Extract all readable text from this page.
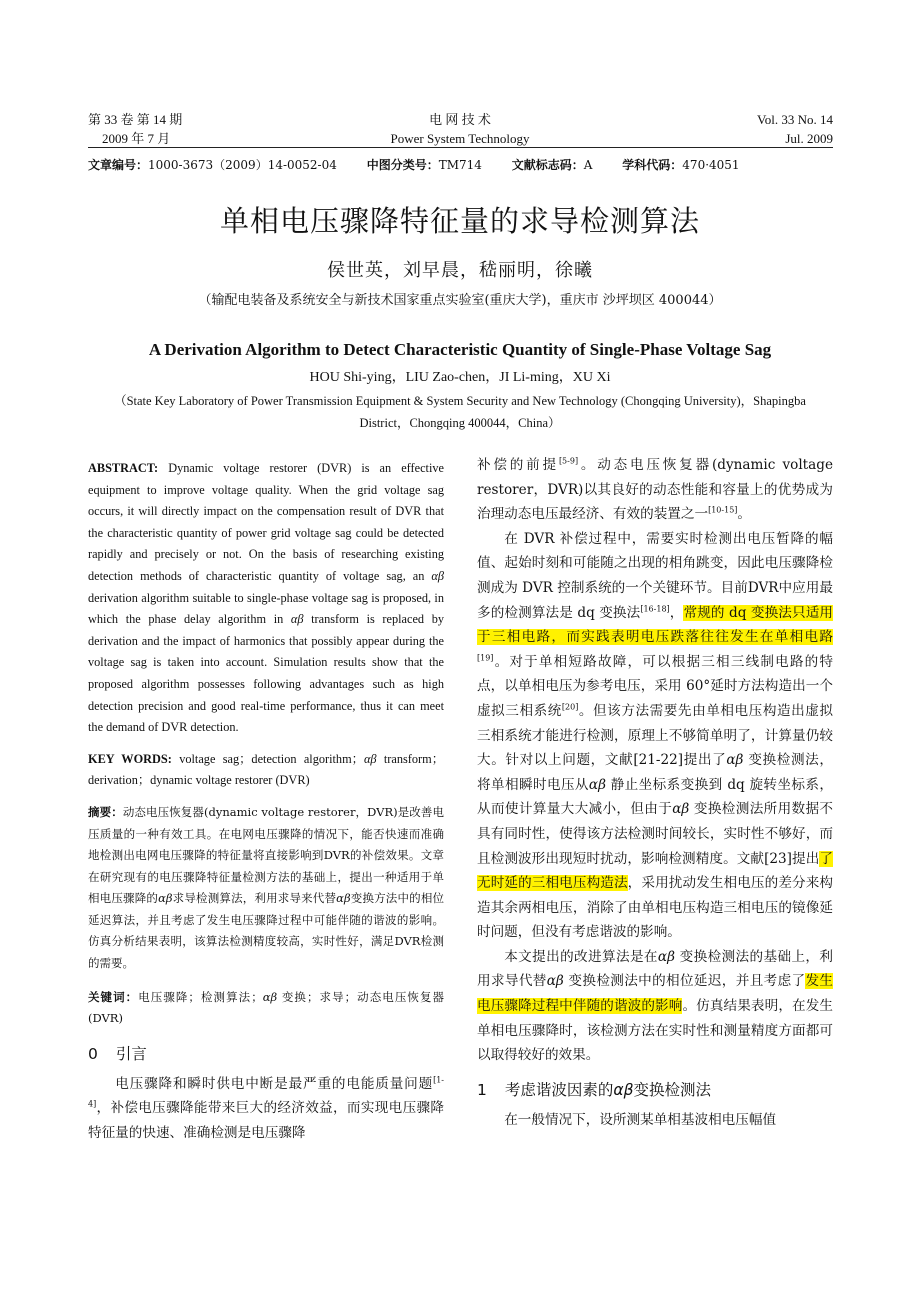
第 33 卷 第 14 期
2009 年 7 月
电 网 技 术
Power System Technology
Vol. 33 No. 14
Jul. 2009
文章编号：1000-3673（2009）14-0052-04 中图分类号：TM714 文献标志码：A 学科代码：470·4051
单相电压骤降特征量的求导检测算法
侯世英，刘早晨，嵇丽明，徐曦
（输配电装备及系统安全与新技术国家重点实验室(重庆大学)，重庆市 沙坪坝区 400044）
A Derivation Algorithm to Detect Characteristic Quantity of Single-Phase Voltage Sag
HOU Shi-ying，LIU Zao-chen，JI Li-ming，XU Xi
（State Key Laboratory of Power Transmission Equipment & System Security and New Technology (Chongqing University)，Shapingba District，Chongqing 400044，China）

ABSTRACT: Dynamic voltage restorer (DVR) is an effective equipment to improve voltage quality. When the grid voltage sag occurs, it will directly impact on the compensation result of DVR that the characteristic quantity of power grid voltage sag could be detected rapidly and precisely or not. On the basis of researching existing detection methods of characteristic quantity of voltage sag, an αβ derivation algorithm suitable to single-phase voltage sag is proposed, in which the phase delay algorithm in αβ transform is replaced by derivation and the impact of harmonics that possibly appear during the voltage sag is taken into account. Simulation results show that the proposed algorithm possesses following advantages such as high detection precision and good real-time performance, thus it can meet the demand of DVR detection.

KEY WORDS: voltage sag；detection algorithm；αβ transform；derivation；dynamic voltage restorer (DVR)

摘要：动态电压恢复器(dynamic voltage restorer，DVR)是改善电压质量的一种有效工具。在电网电压骤降的情况下，能否快速而准确地检测出电网电压骤降的特征量将直接影响到DVR的补偿效果。文章在研究现有的电压骤降特征量检测方法的基础上，提出一种适用于单相电压骤降的αβ求导检测算法，利用求导来代替αβ变换方法中的相位延迟算法，并且考虑了发生电压骤降过程中可能伴随的谐波的影响。仿真分析结果表明，该算法检测精度较高，实时性好，满足DVR检测的需要。

关键词：电压骤降；检测算法；αβ 变换；求导；动态电压恢复器(DVR)

0 引言

电压骤降和瞬时供电中断是最严重的电能质量问题[1-4]，补偿电压骤降能带来巨大的经济效益，而实现电压骤降特征量的快速、准确检测是电压骤降

补偿的前提[5-9]。动态电压恢复器(dynamic voltage restorer，DVR)以其良好的动态性能和容量上的优势成为治理动态电压最经济、有效的装置之一[10-15]。

在 DVR 补偿过程中，需要实时检测出电压暂降的幅值、起始时刻和可能随之出现的相角跳变，因此电压骤降检测成为 DVR 控制系统的一个关键环节。目前DVR中应用最多的检测算法是 dq 变换法[16-18]，常规的 dq 变换法只适用于三相电路，而实践表明电压跌落往往发生在单相电路[19]。对于单相短路故障，可以根据三相三线制电路的特点，以单相电压为参考电压，采用 60°延时方法构造出一个虚拟三相系统[20]。但该方法需要先由单相电压构造出虚拟三相系统才能进行检测，原理上不够简单明了，计算量仍较大。针对以上问题，文献[21-22]提出了αβ 变换检测法，将单相瞬时电压从αβ 静止坐标系变换到 dq 旋转坐标系，从而使计算量大大减小，但由于αβ 变换检测法所用数据不具有同时性，使得该方法检测时间较长，实时性不够好，而且检测波形出现短时扰动，影响检测精度。文献[23]提出了无时延的三相电压构造法，采用扰动发生相电压的差分来构造其余两相电压，消除了由单相电压构造三相电压的镜像延时问题，但没有考虑谐波的影响。

本文提出的改进算法是在αβ 变换检测法的基础上，利用求导代替αβ 变换检测法中的相位延迟，并且考虑了发生电压骤降过程中伴随的谐波的影响。仿真结果表明，在发生单相电压骤降时，该检测方法在实时性和测量精度方面都可以取得较好的效果。

1 考虑谐波因素的αβ变换检测法

在一般情况下，设所测某单相基波相电压幅值
